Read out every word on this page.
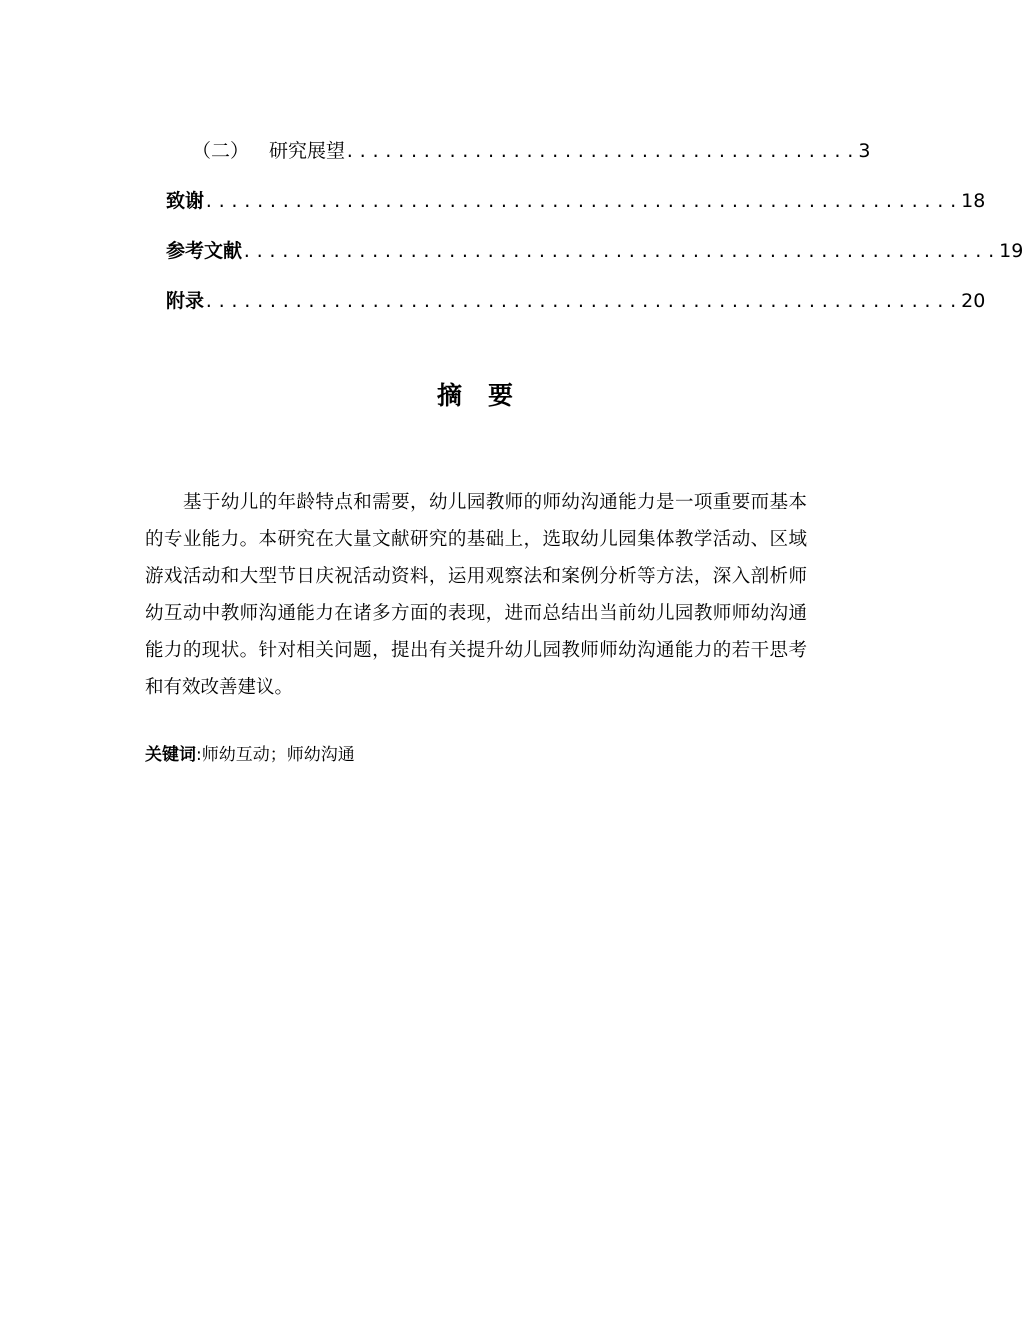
（二） 研究展望 ........................................ 3
致谢 ........................................................... 18
参考文献 ........................................................... 19
附录 ........................................................... 20
摘要

基于幼儿的年龄特点和需要，幼儿园教师的师幼沟通能力是一项重要而基本的专业能力。本研究在大量文献研究的基础上，选取幼儿园集体教学活动、区域游戏活动和大型节日庆祝活动资料，运用观察法和案例分析等方法，深入剖析师幼互动中教师沟通能力在诸多方面的表现，进而总结出当前幼儿园教师师幼沟通能力的现状。针对相关问题，提出有关提升幼儿园教师师幼沟通能力的若干思考和有效改善建议。

关键词:师幼互动；师幼沟通
